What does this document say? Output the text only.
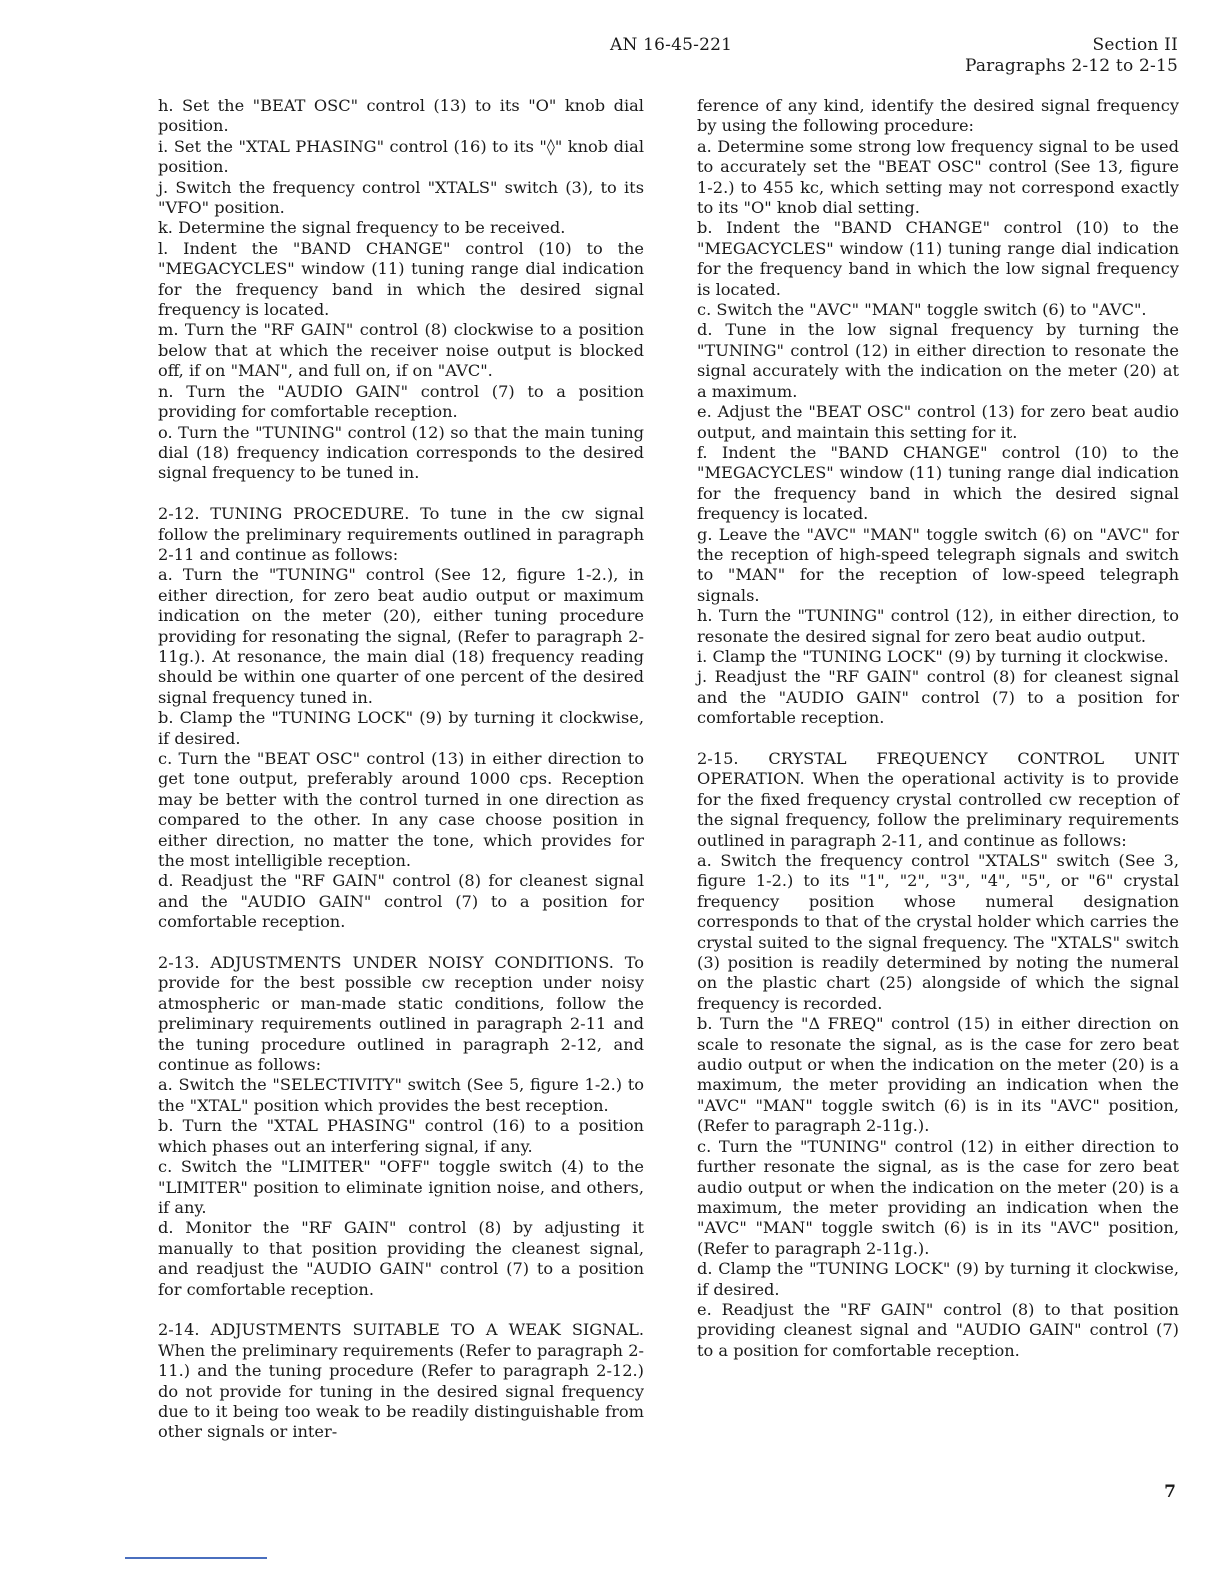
AN 16-45-221	Section II
Paragraphs 2-12 to 2-15

h. Set the "BEAT OSC" control (13) to its "O" knob dial position.

i. Set the "XTAL PHASING" control (16) to its "◊" knob dial position.

j. Switch the frequency control "XTALS" switch (3), to its "VFO" position.

k. Determine the signal frequency to be received.

l. Indent the "BAND CHANGE" control (10) to the "MEGACYCLES" window (11) tuning range dial indication for the frequency band in which the desired signal frequency is located.

m. Turn the "RF GAIN" control (8) clockwise to a position below that at which the receiver noise output is blocked off, if on "MAN", and full on, if on "AVC".

n. Turn the "AUDIO GAIN" control (7) to a position providing for comfortable reception.

o. Turn the "TUNING" control (12) so that the main tuning dial (18) frequency indication corresponds to the desired signal frequency to be tuned in.

2-12. TUNING PROCEDURE. To tune in the cw signal follow the preliminary requirements outlined in paragraph 2-11 and continue as follows:

a. Turn the "TUNING" control (See 12, figure 1-2.), in either direction, for zero beat audio output or maximum indication on the meter (20), either tuning procedure providing for resonating the signal, (Refer to paragraph 2-11g.). At resonance, the main dial (18) frequency reading should be within one quarter of one percent of the desired signal frequency tuned in.

b. Clamp the "TUNING LOCK" (9) by turning it clockwise, if desired.

c. Turn the "BEAT OSC" control (13) in either direction to get tone output, preferably around 1000 cps. Reception may be better with the control turned in one direction as compared to the other. In any case choose position in either direction, no matter the tone, which provides for the most intelligible reception.

d. Readjust the "RF GAIN" control (8) for cleanest signal and the "AUDIO GAIN" control (7) to a position for comfortable reception.

2-13. ADJUSTMENTS UNDER NOISY CONDITIONS. To provide for the best possible cw reception under noisy atmospheric or man-made static conditions, follow the preliminary requirements outlined in paragraph 2-11 and the tuning procedure outlined in paragraph 2-12, and continue as follows:

a. Switch the "SELECTIVITY" switch (See 5, figure 1-2.) to the "XTAL" position which provides the best reception.

b. Turn the "XTAL PHASING" control (16) to a position which phases out an interfering signal, if any.

c. Switch the "LIMITER" "OFF" toggle switch (4) to the "LIMITER" position to eliminate ignition noise, and others, if any.

d. Monitor the "RF GAIN" control (8) by adjusting it manually to that position providing the cleanest signal, and readjust the "AUDIO GAIN" control (7) to a position for comfortable reception.

2-14. ADJUSTMENTS SUITABLE TO A WEAK SIGNAL. When the preliminary requirements (Refer to paragraph 2-11.) and the tuning procedure (Refer to paragraph 2-12.) do not provide for tuning in the desired signal frequency due to it being too weak to be readily distinguishable from other signals or inter-

ference of any kind, identify the desired signal frequency by using the following procedure:

a. Determine some strong low frequency signal to be used to accurately set the "BEAT OSC" control (See 13, figure 1-2.) to 455 kc, which setting may not correspond exactly to its "O" knob dial setting.

b. Indent the "BAND CHANGE" control (10) to the "MEGACYCLES" window (11) tuning range dial indication for the frequency band in which the low signal frequency is located.

c. Switch the "AVC" "MAN" toggle switch (6) to "AVC".

d. Tune in the low signal frequency by turning the "TUNING" control (12) in either direction to resonate the signal accurately with the indication on the meter (20) at a maximum.

e. Adjust the "BEAT OSC" control (13) for zero beat audio output, and maintain this setting for it.

f. Indent the "BAND CHANGE" control (10) to the "MEGACYCLES" window (11) tuning range dial indication for the frequency band in which the desired signal frequency is located.

g. Leave the "AVC" "MAN" toggle switch (6) on "AVC" for the reception of high-speed telegraph signals and switch to "MAN" for the reception of low-speed telegraph signals.

h. Turn the "TUNING" control (12), in either direction, to resonate the desired signal for zero beat audio output.

i. Clamp the "TUNING LOCK" (9) by turning it clockwise.

j. Readjust the "RF GAIN" control (8) for cleanest signal and the "AUDIO GAIN" control (7) to a position for comfortable reception.

2-15. CRYSTAL FREQUENCY CONTROL UNIT OPERATION. When the operational activity is to provide for the fixed frequency crystal controlled cw reception of the signal frequency, follow the preliminary requirements outlined in paragraph 2-11, and continue as follows:

a. Switch the frequency control "XTALS" switch (See 3, figure 1-2.) to its "1", "2", "3", "4", "5", or "6" crystal frequency position whose numeral designation corresponds to that of the crystal holder which carries the crystal suited to the signal frequency. The "XTALS" switch (3) position is readily determined by noting the numeral on the plastic chart (25) alongside of which the signal frequency is recorded.

b. Turn the "Δ FREQ" control (15) in either direction on scale to resonate the signal, as is the case for zero beat audio output or when the indication on the meter (20) is a maximum, the meter providing an indication when the "AVC" "MAN" toggle switch (6) is in its "AVC" position, (Refer to paragraph 2-11g.).

c. Turn the "TUNING" control (12) in either direction to further resonate the signal, as is the case for zero beat audio output or when the indication on the meter (20) is a maximum, the meter providing an indication when the "AVC" "MAN" toggle switch (6) is in its "AVC" position, (Refer to paragraph 2-11g.).

d. Clamp the "TUNING LOCK" (9) by turning it clockwise, if desired.

e. Readjust the "RF GAIN" control (8) to that position providing cleanest signal and "AUDIO GAIN" control (7) to a position for comfortable reception.

7
